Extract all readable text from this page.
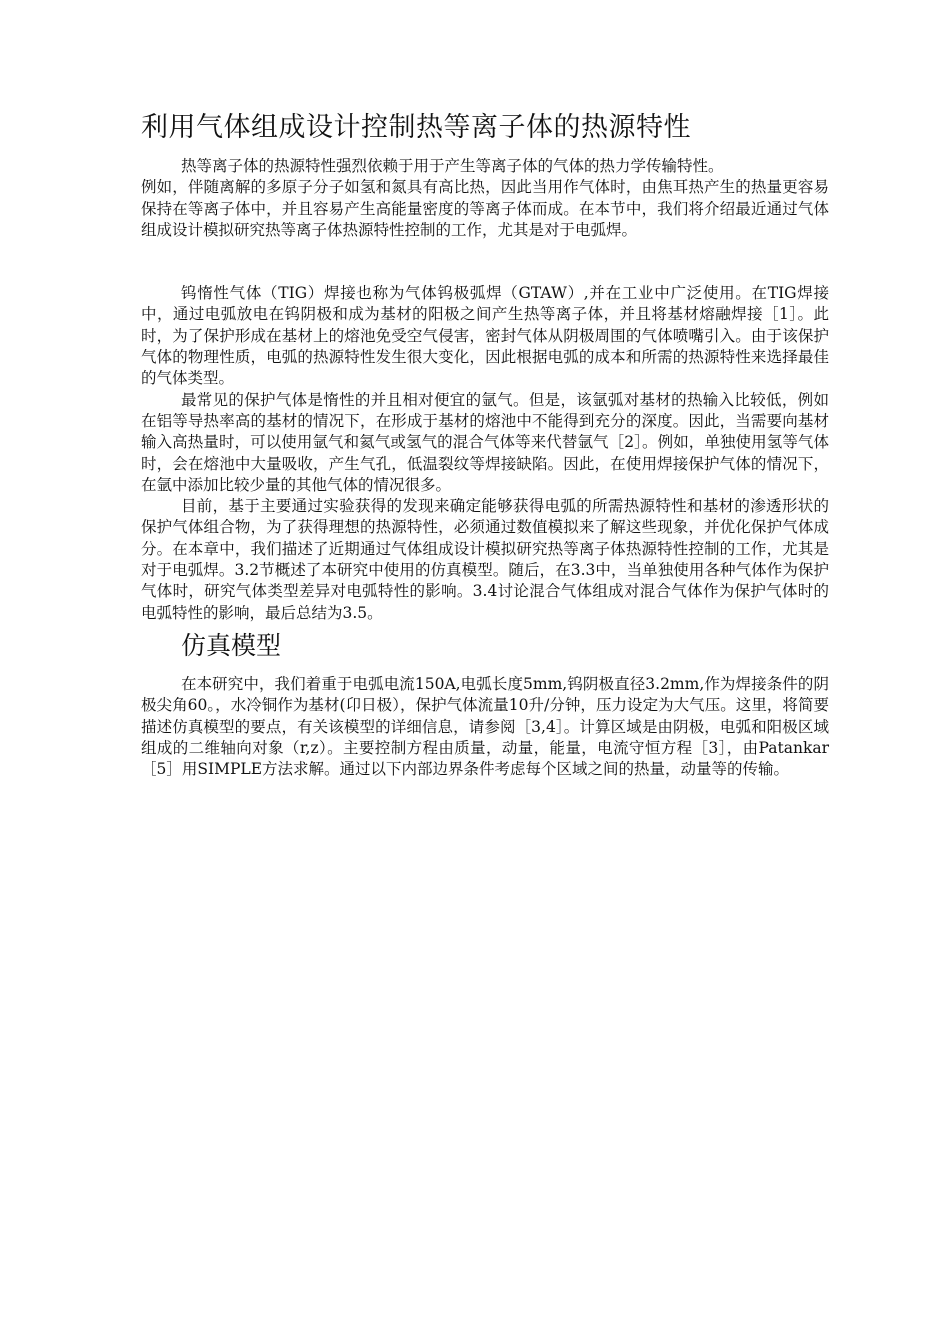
利用气体组成设计控制热等离子体的热源特性

热等离子体的热源特性强烈依赖于用于产生等离子体的气体的热力学传输特性。

例如，伴随离解的多原子分子如氢和氮具有高比热，因此当用作气体时，由焦耳热产生的热量更容易保持在等离子体中，并且容易产生高能量密度的等离子体而成。在本节中，我们将介绍最近通过气体组成设计模拟研究热等离子体热源特性控制的工作，尤其是对于电弧焊。

钨惰性气体（TIG）焊接也称为气体钨极弧焊（GTAW）,并在工业中广泛使用。在TIG焊接中，通过电弧放电在钨阴极和成为基材的阳极之间产生热等离子体，并且将基材熔融焊接［1］。此时，为了保护形成在基材上的熔池免受空气侵害，密封气体从阴极周围的气体喷嘴引入。由于该保护气体的物理性质，电弧的热源特性发生很大变化，因此根据电弧的成本和所需的热源特性来选择最佳的气体类型。

最常见的保护气体是惰性的并且相对便宜的氩气。但是，该氩弧对基材的热输入比较低，例如在铝等导热率高的基材的情况下，在形成于基材的熔池中不能得到充分的深度。因此，当需要向基材输入高热量时，可以使用氩气和氦气或氢气的混合气体等来代替氩气［2］。例如，单独使用氢等气体时，会在熔池中大量吸收，产生气孔，低温裂纹等焊接缺陷。因此，在使用焊接保护气体的情况下，在氩中添加比较少量的其他气体的情况很多。

目前，基于主要通过实验获得的发现来确定能够获得电弧的所需热源特性和基材的渗透形状的保护气体组合物，为了获得理想的热源特性，必须通过数值模拟来了解这些现象，并优化保护气体成分。在本章中，我们描述了近期通过气体组成设计模拟研究热等离子体热源特性控制的工作，尤其是对于电弧焊。3.2节概述了本研究中使用的仿真模型。随后，在3.3中，当单独使用各种气体作为保护气体时，研究气体类型差异对电弧特性的影响。3.4讨论混合气体组成对混合气体作为保护气体时的电弧特性的影响，最后总结为3.5。

仿真模型

在本研究中，我们着重于电弧电流150A,电弧长度5mm,钨阴极直径3.2mm,作为焊接条件的阴极尖角60。，水冷铜作为基材(卬日极），保护气体流量10升/分钟，压力设定为大气压。这里，将简要描述仿真模型的要点，有关该模型的详细信息，请参阅［3,4］。计算区域是由阴极，电弧和阳极区域组成的二维轴向对象（r,z）。主要控制方程由质量，动量，能量，电流守恒方程［3］，由Patankar［5］用SIMPLE方法求解。通过以下内部边界条件考虑每个区域之间的热量，动量等的传输。
